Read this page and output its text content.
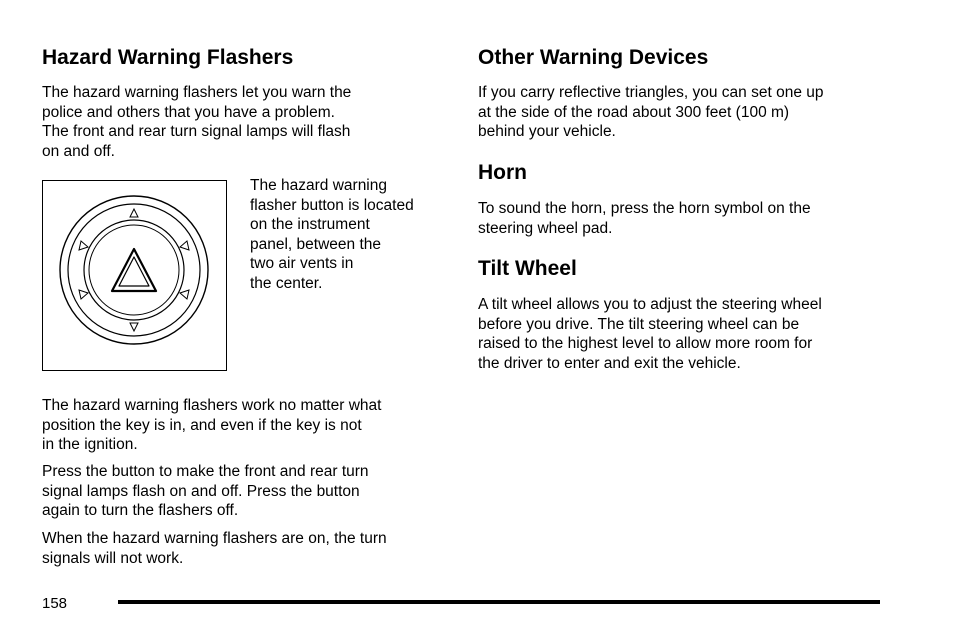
Hazard Warning Flashers

The hazard warning flashers let you warn the
police and others that you have a problem.
The front and rear turn signal lamps will flash
on and off.

The hazard warning
flasher button is located
on the instrument
panel, between the
two air vents in
the center.

The hazard warning flashers work no matter what
position the key is in, and even if the key is not
in the ignition.

Press the button to make the front and rear turn
signal lamps flash on and off. Press the button
again to turn the flashers off.

When the hazard warning flashers are on, the turn
signals will not work.

Other Warning Devices

If you carry reflective triangles, you can set one up
at the side of the road about 300 feet (100 m)
behind your vehicle.

Horn

To sound the horn, press the horn symbol on the
steering wheel pad.

Tilt Wheel

A tilt wheel allows you to adjust the steering wheel
before you drive. The tilt steering wheel can be
raised to the highest level to allow more room for
the driver to enter and exit the vehicle.

158
